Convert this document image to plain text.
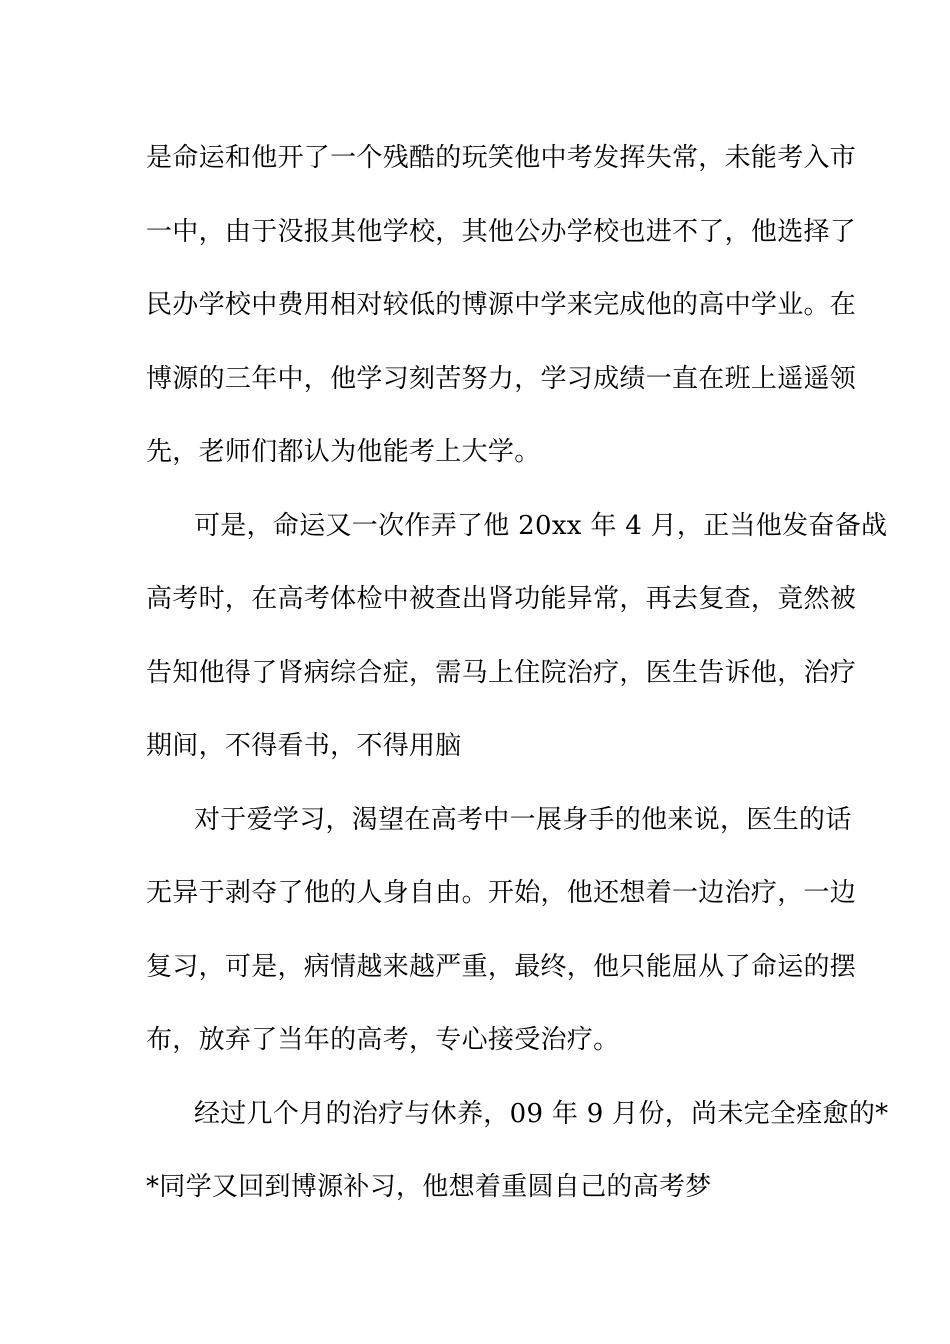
是命运和他开了一个残酷的玩笑他中考发挥失常，未能考入市
一中，由于没报其他学校，其他公办学校也进不了，他选择了
民办学校中费用相对较低的博源中学来完成他的高中学业。在
博源的三年中，他学习刻苦努力，学习成绩一直在班上遥遥领
先，老师们都认为他能考上大学。
可是，命运又一次作弄了他 20xx 年 4 月，正当他发奋备战
高考时，在高考体检中被查出肾功能异常，再去复查，竟然被
告知他得了肾病综合症，需马上住院治疗，医生告诉他，治疗
期间，不得看书，不得用脑
对于爱学习，渴望在高考中一展身手的他来说，医生的话
无异于剥夺了他的人身自由。开始，他还想着一边治疗，一边
复习，可是，病情越来越严重，最终，他只能屈从了命运的摆
布，放弃了当年的高考，专心接受治疗。
经过几个月的治疗与休养，09 年 9 月份，尚未完全痊愈的*
*同学又回到博源补习，他想着重圆自己的高考梦
